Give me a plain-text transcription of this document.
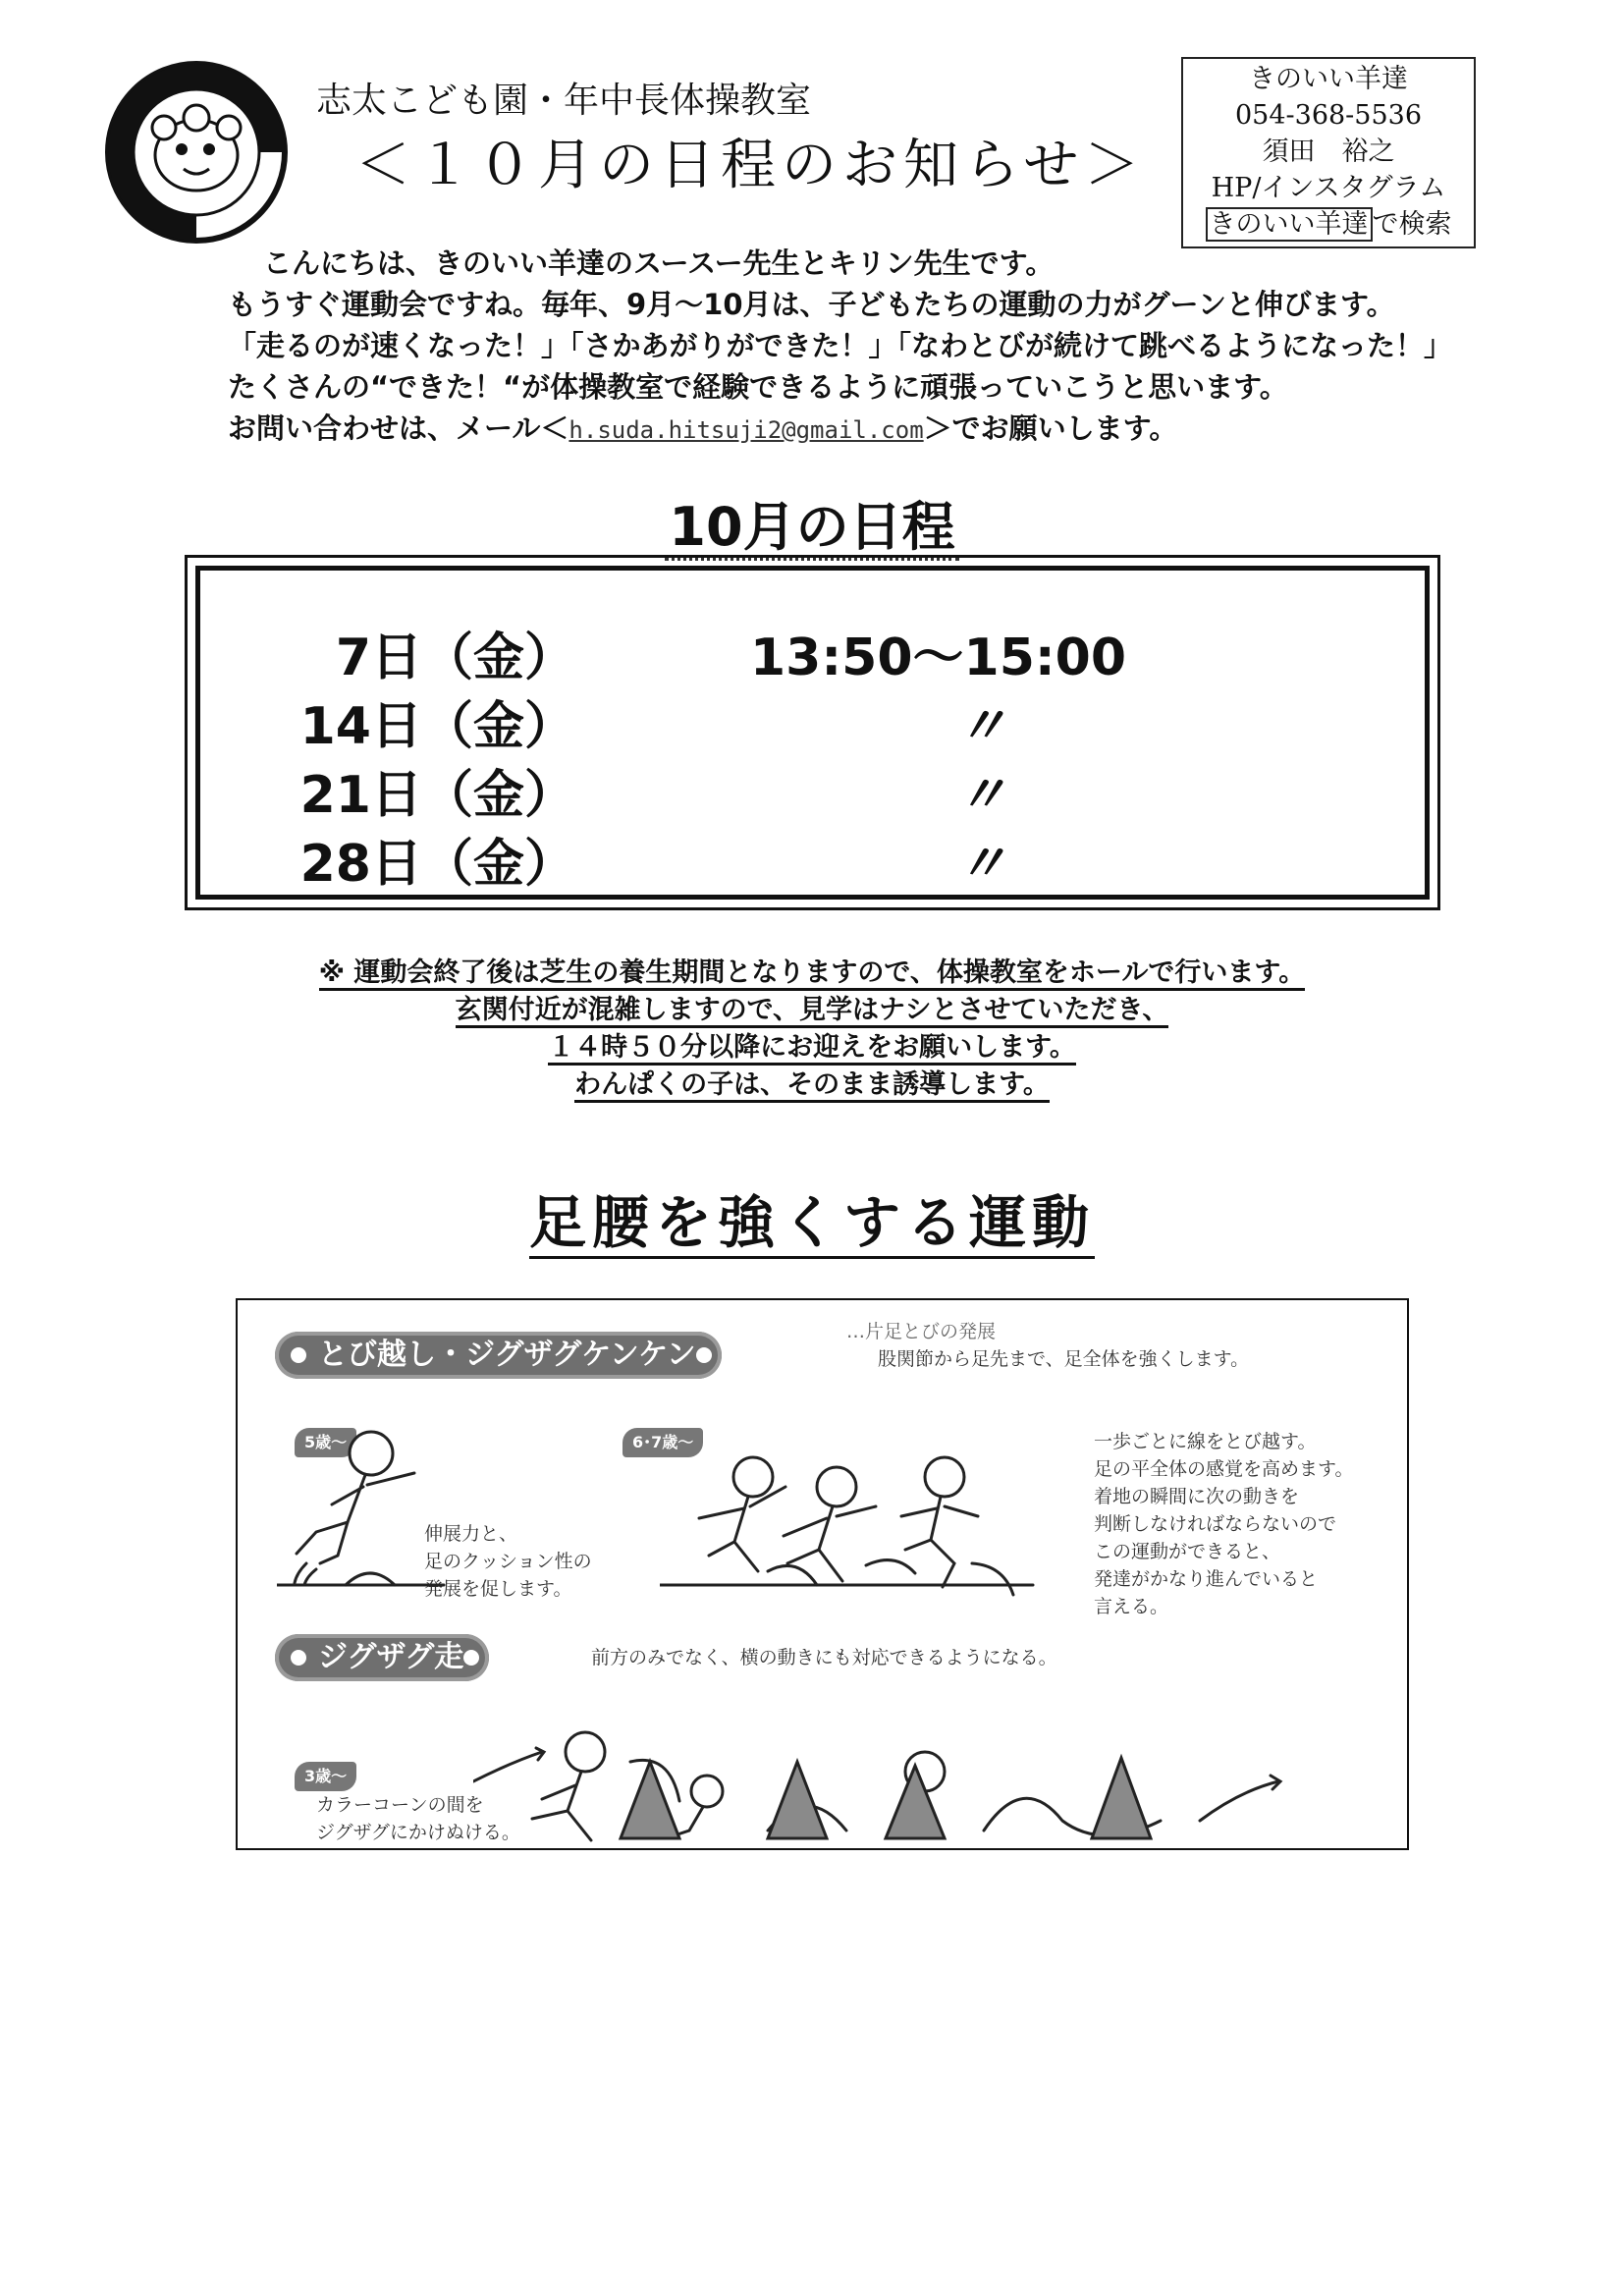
志太こども園・年中長体操教室
＜１０月の日程のお知らせ＞
きのいい羊達
054-368-5536
須田　裕之
HP/インスタグラム
きのいい羊達 で検索
こんにちは、きのいい羊達のスースー先生とキリン先生です。
もうすぐ運動会ですね。毎年、9月～10月は、子どもたちの運動の力がグーンと伸びます。
「走るのが速くなった！」「さかあがりができた！」「なわとびが続けて跳べるようになった！」
たくさんの“できた！“が体操教室で経験できるように頑張っていこうと思います。
お問い合わせは、メール＜h.suda.hitsuji2@gmail.com＞でお願いします。
10月の日程
7日（金）	13:50～15:00
14日（金）	〃
21日（金）	〃
28日（金）	〃
※ 運動会終了後は芝生の養生期間となりますので、体操教室をホールで行います。
玄関付近が混雑しますので、見学はナシとさせていただき、
１４時５０分以降にお迎えをお願いします。
わんぱくの子は、そのまま誘導します。
足腰を強くする運動
とび越し・ジグザグケンケン
…片足とびの発展
股関節から足先まで、足全体を強くします。
5歳～
伸展力と、
足のクッション性の
発展を促します。
6･7歳～	一歩ごとに線をとび越す。
足の平全体の感覚を高めます。
着地の瞬間に次の動きを
判断しなければならないので
この運動ができると、
発達がかなり進んでいると
言える。
ジグザグ走	前方のみでなく、横の動きにも対応できるようになる。
3歳～
カラーコーンの間を
ジグザグにかけぬける。
